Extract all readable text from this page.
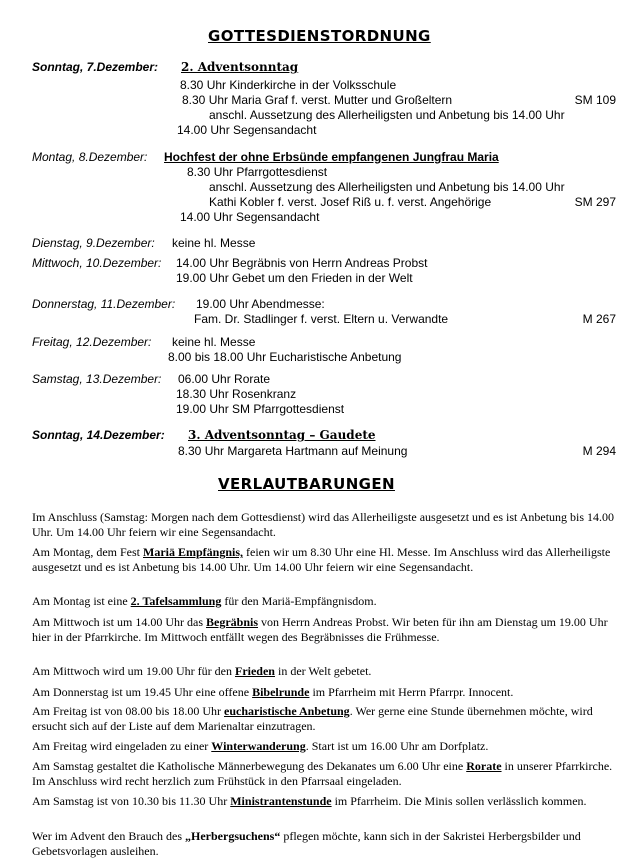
GOTTESDIENSTORDNUNG
Sonntag, 7.Dezember: 2. Adventsonntag
8.30 Uhr Kinderkirche in der Volksschule
8.30 Uhr Maria Graf f. verst. Mutter und Großeltern	SM 109
anschl. Aussetzung des Allerheiligsten und Anbetung bis 14.00 Uhr
14.00 Uhr Segensandacht
Montag, 8.Dezember: Hochfest der ohne Erbsünde empfangenen Jungfrau Maria
8.30 Uhr Pfarrgottesdienst
anschl. Aussetzung des Allerheiligsten und Anbetung bis 14.00 Uhr
Kathi Kobler f. verst. Josef Riß u. f. verst. Angehörige	SM 297
14.00 Uhr Segensandacht
Dienstag, 9.Dezember: keine hl. Messe
Mittwoch, 10.Dezember: 14.00 Uhr Begräbnis von Herrn Andreas Probst
19.00 Uhr Gebet um den Frieden in der Welt
Donnerstag, 11.Dezember: 19.00 Uhr Abendmesse:
Fam. Dr. Stadlinger f. verst. Eltern u. Verwandte	M 267
Freitag, 12.Dezember: keine hl. Messe
8.00 bis 18.00 Uhr Eucharistische Anbetung
Samstag, 13.Dezember: 06.00 Uhr Rorate
18.30 Uhr Rosenkranz
19.00 Uhr SM Pfarrgottesdienst
Sonntag, 14.Dezember: 3. Adventsonntag – Gaudete
8.30 Uhr Margareta Hartmann auf Meinung	M 294
VERLAUTBARUNGEN
Im Anschluss (Samstag: Morgen nach dem Gottesdienst) wird das Allerheiligste ausgesetzt und es ist Anbetung bis 14.00 Uhr. Um 14.00 Uhr feiern wir eine Segensandacht.
Am Montag, dem Fest Mariä Empfängnis, feien wir um 8.30 Uhr eine Hl. Messe. Im Anschluss wird das Allerheiligste ausgesetzt und es ist Anbetung bis 14.00 Uhr. Um 14.00 Uhr feiern wir eine Segensandacht.
Am Montag ist eine 2. Tafelsammlung für den Mariä-Empfängnisdom.
Am Mittwoch ist um 14.00 Uhr das Begräbnis von Herrn Andreas Probst. Wir beten für ihn am Dienstag um 19.00 Uhr hier in der Pfarrkirche. Im Mittwoch entfällt wegen des Begräbnisses die Frühmesse.
Am Mittwoch wird um 19.00 Uhr für den Frieden in der Welt gebetet.
Am Donnerstag ist um 19.45 Uhr eine offene Bibelrunde im Pfarrheim mit Herrn Pfarrpr. Innocent.
Am Freitag ist von 08.00 bis 18.00 Uhr eucharistische Anbetung. Wer gerne eine Stunde übernehmen möchte, wird ersucht sich auf der Liste auf dem Marienaltar einzutragen.
Am Freitag wird eingeladen zu einer Winterwanderung. Start ist um 16.00 Uhr am Dorfplatz.
Am Samstag gestaltet die Katholische Männerbewegung des Dekanates um 6.00 Uhr eine Rorate in unserer Pfarrkirche. Im Anschluss wird recht herzlich zum Frühstück in den Pfarrsaal eingeladen.
Am Samstag ist von 10.30 bis 11.30 Uhr Ministrantenstunde im Pfarrheim. Die Minis sollen verlässlich kommen.
Wer im Advent den Brauch des „Herbergsuchens“ pflegen möchte, kann sich in der Sakristei Herbergsbilder und Gebetsvorlagen ausleihen.
